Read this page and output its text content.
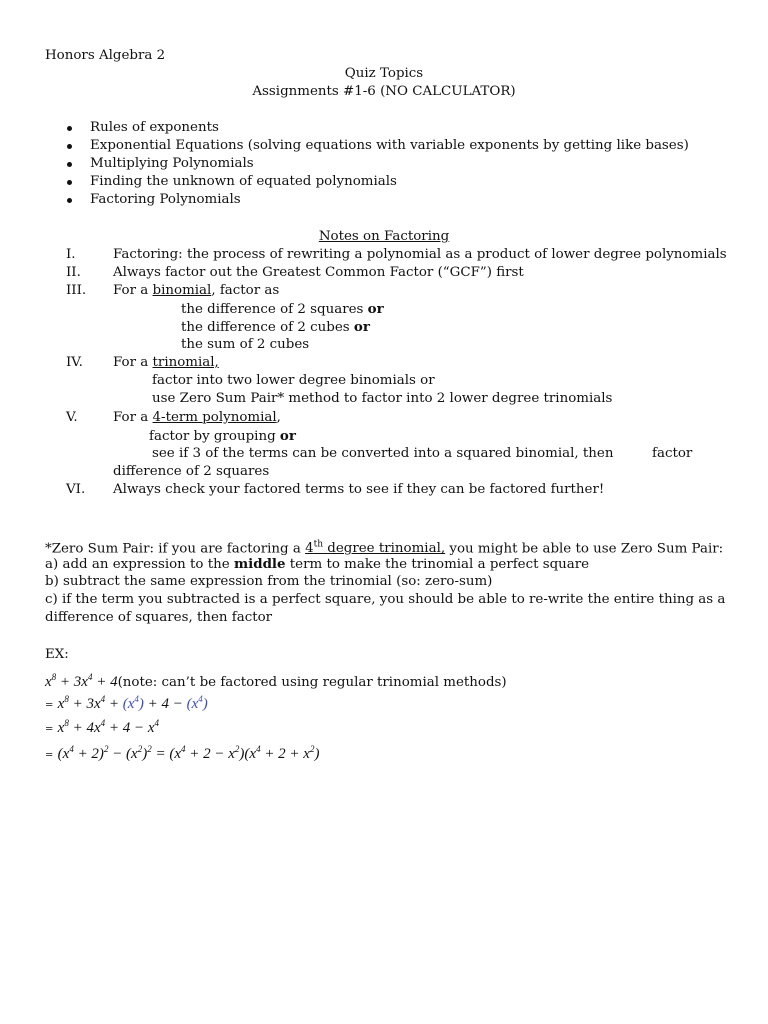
Honors Algebra 2
Quiz Topics
Assignments #1-6 (NO CALCULATOR)
Rules of exponents
Exponential Equations (solving equations with variable exponents by getting like bases)
Multiplying Polynomials
Finding the unknown of equated polynomials
Factoring Polynomials
Notes on Factoring
I.	Factoring: the process of rewriting a polynomial as a product of lower degree polynomials
II. Always factor out the Greatest Common Factor (“GCF”) first
III. For a binomial, factor as
the difference of 2 squares or
the difference of 2 cubes or
the sum of 2 cubes
IV. For a trinomial,
factor into two lower degree binomials or
use Zero Sum Pair* method to factor into 2 lower degree trinomials
V.	For a 4-term polynomial,
factor by grouping or
see if 3 of the terms can be converted into a squared binomial, then	factor
difference of 2 squares
VI. Always check your factored terms to see if they can be factored further!
*Zero Sum Pair: if you are factoring a 4th degree trinomial, you might be able to use Zero Sum Pair:
a) add an expression to the middle term to make the trinomial a perfect square
b) subtract the same expression from the trinomial (so: zero-sum)
c) if the term you subtracted is a perfect square, you should be able to re-write the entire thing as a
difference of squares, then factor
EX:
$x^8 + 3x^4$ + 4(note: can’t be factored using regular trinomial methods)
= $x^8 + 3x^4 + (x^4) + 4 - (x^4)$
= $x^8 + 4x^4 + 4 - x^4$
= $(x^4 + 2)^2 - (x^2)^2 = (x^4 + 2 - x^2)(x^4 + 2 + x^2)$
